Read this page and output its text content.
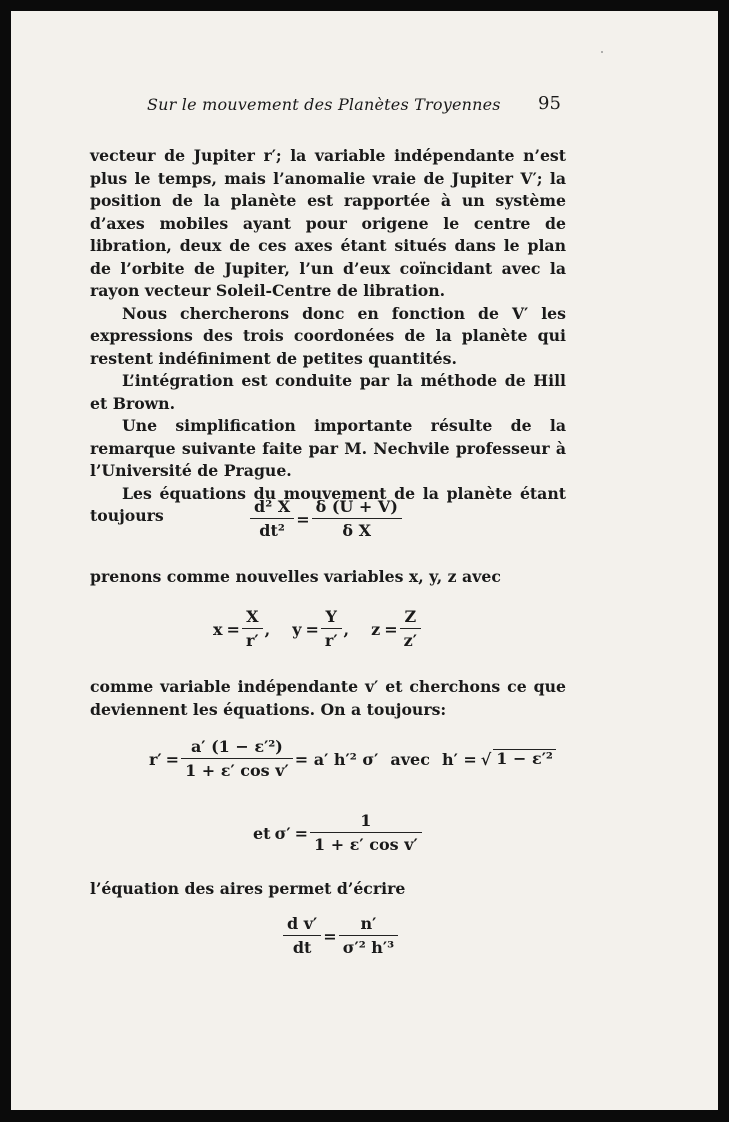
Sur le mouvement des Planètes Troyennes 95

vecteur de Jupiter r′; la variable indépendante n’est plus le temps, mais l’anomalie vraie de Jupiter V′; la position de la planète est rapportée à un système d’axes mobiles ayant pour origene le centre de libration, deux de ces axes étant situés dans le plan de l’orbite de Jupiter, l’un d’eux coïncidant avec la rayon vecteur Soleil-Centre de libration.

Nous chercherons donc en fonction de V′ les expressions des trois coordonées de la planète qui restent indéfiniment de petites quantités.

L’intégration est conduite par la méthode de Hill et Brown.

Une simplification importante résulte de la remarque suivante faite par M. Nechvile professeur à l’Université de Prague.

Les équations du mouvement de la planète étant toujours	$\frac{\text{d² X}}{\text{dt²}} = \frac{\delta (U + V)}{\text{δ X}}$

prenons comme nouvelles variables x, y, z avec

$x = \frac{X}{r'}$ , $y = \frac{Y}{r'}$ , $z = \frac{Z}{z'}$

comme variable indépendante v′ et cherchons ce que deviennent les équations. On a toujours:

$r' = \frac{\text{a′ (1 − ε′²)}}{\text{1 + ε′ cos v′}} = a'$ h′² σ′ avec h′ = √ 1 − ε′²
et $\sigma' = \frac{1}{\text{1 + ε′ cos v′}}$

l’équation des aires permet d’écrire

$\frac{\text{d v′}}{dt} = \frac{n'}{\text{σ′² h′³}}$
